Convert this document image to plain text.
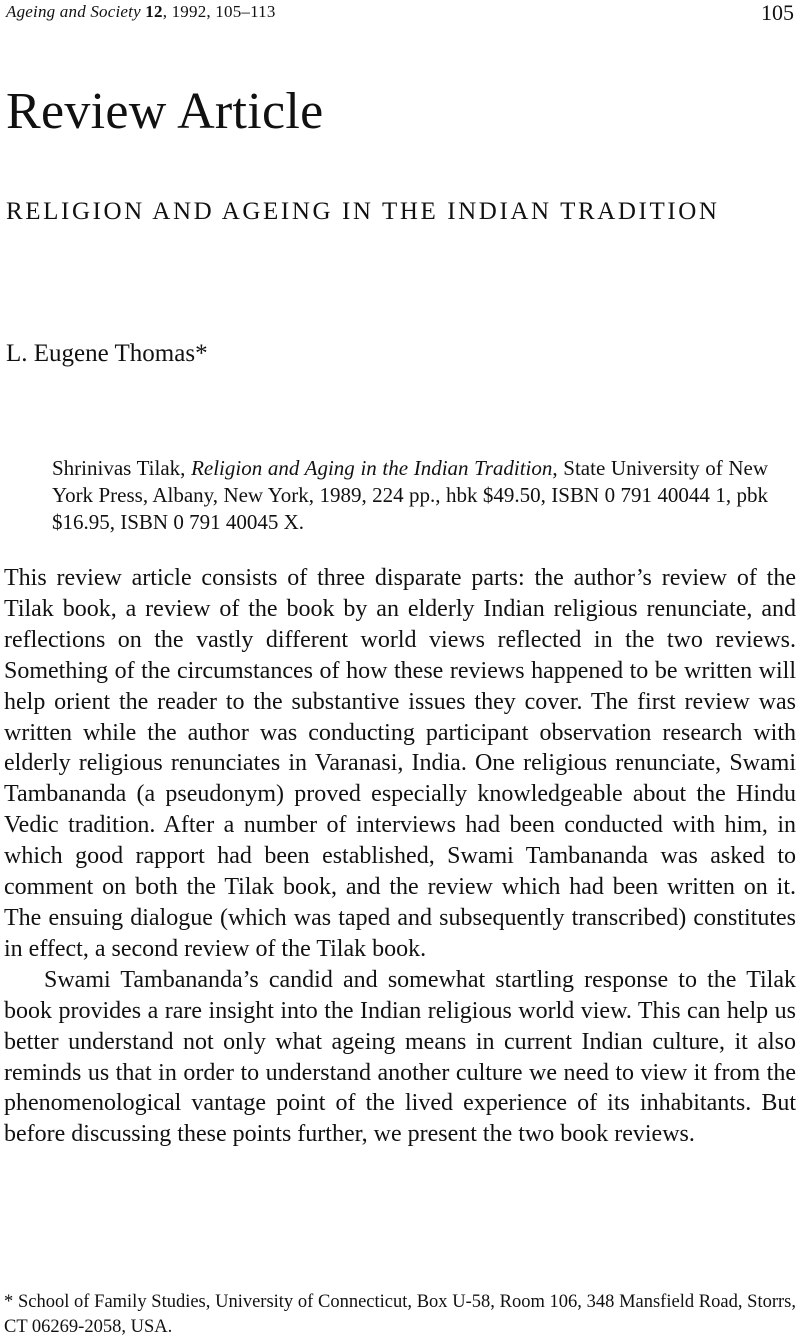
Ageing and Society 12, 1992, 105–113	105
Review Article
RELIGION AND AGEING IN THE INDIAN TRADITION
L. Eugene Thomas*
Shrinivas Tilak, Religion and Aging in the Indian Tradition, State University of New York Press, Albany, New York, 1989, 224 pp., hbk $49.50, ISBN 0 791 40044 1, pbk $16.95, ISBN 0 791 40045 X.

This review article consists of three disparate parts: the author’s review of the Tilak book, a review of the book by an elderly Indian religious renunciate, and reflections on the vastly different world views reflected in the two reviews. Something of the circumstances of how these reviews happened to be written will help orient the reader to the substantive issues they cover. The first review was written while the author was conducting participant observation research with elderly religious renunciates in Varanasi, India. One religious renunciate, Swami Tambananda (a pseudonym) proved especially knowledgeable about the Hindu Vedic tradition. After a number of interviews had been conducted with him, in which good rapport had been established, Swami Tambananda was asked to comment on both the Tilak book, and the review which had been written on it. The ensuing dialogue (which was taped and subsequently transcribed) constitutes in effect, a second review of the Tilak book.

Swami Tambananda’s candid and somewhat startling response to the Tilak book provides a rare insight into the Indian religious world view. This can help us better understand not only what ageing means in current Indian culture, it also reminds us that in order to understand another culture we need to view it from the phenomenological vantage point of the lived experience of its inhabitants. But before discussing these points further, we present the two book reviews.

* School of Family Studies, University of Connecticut, Box U-58, Room 106, 348 Mansfield Road, Storrs, CT 06269-2058, USA.
